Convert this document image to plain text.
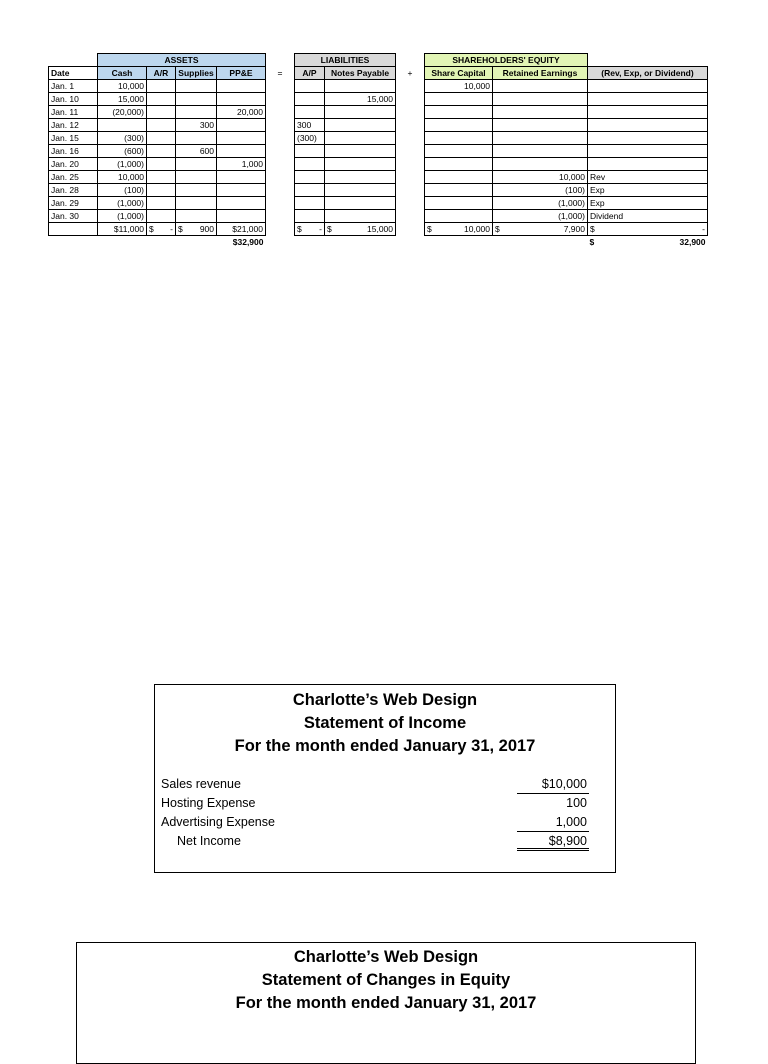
	ASSETS					LIABILITIES			SHAREHOLDERS' EQUITY		
Date	Cash	A/R	Supplies	PP&E	=	A/P	Notes Payable	+	Share Capital	Retained Earnings	(Rev, Exp, or Dividend)
Jan. 1	10,000								10,000		
Jan. 10	15,000						15,000				
Jan. 11	(20,000)			20,000							
Jan. 12			300			300					
Jan. 15	(300)					(300)					
Jan. 16	(600)		600								
Jan. 20	(1,000)			1,000							
Jan. 25	10,000									10,000	Rev
Jan. 28	(100)									(100)	Exp
Jan. 29	(1,000)									(1,000)	Exp
Jan. 30	(1,000)									(1,000)	Dividend
	$11,000	$ -	$ 900	$21,000		$ -	$ 15,000		$ 10,000	$ 7,900	$ -

				$32,900							$ 32,900
Charlotte’s Web Design
Statement of Income
For the month ended January 31, 2017
Sales revenue	$10,000
Hosting Expense	100
Advertising Expense	1,000
Net Income	$8,900
Charlotte’s Web Design
Statement of Changes in Equity
For the month ended January 31, 2017
